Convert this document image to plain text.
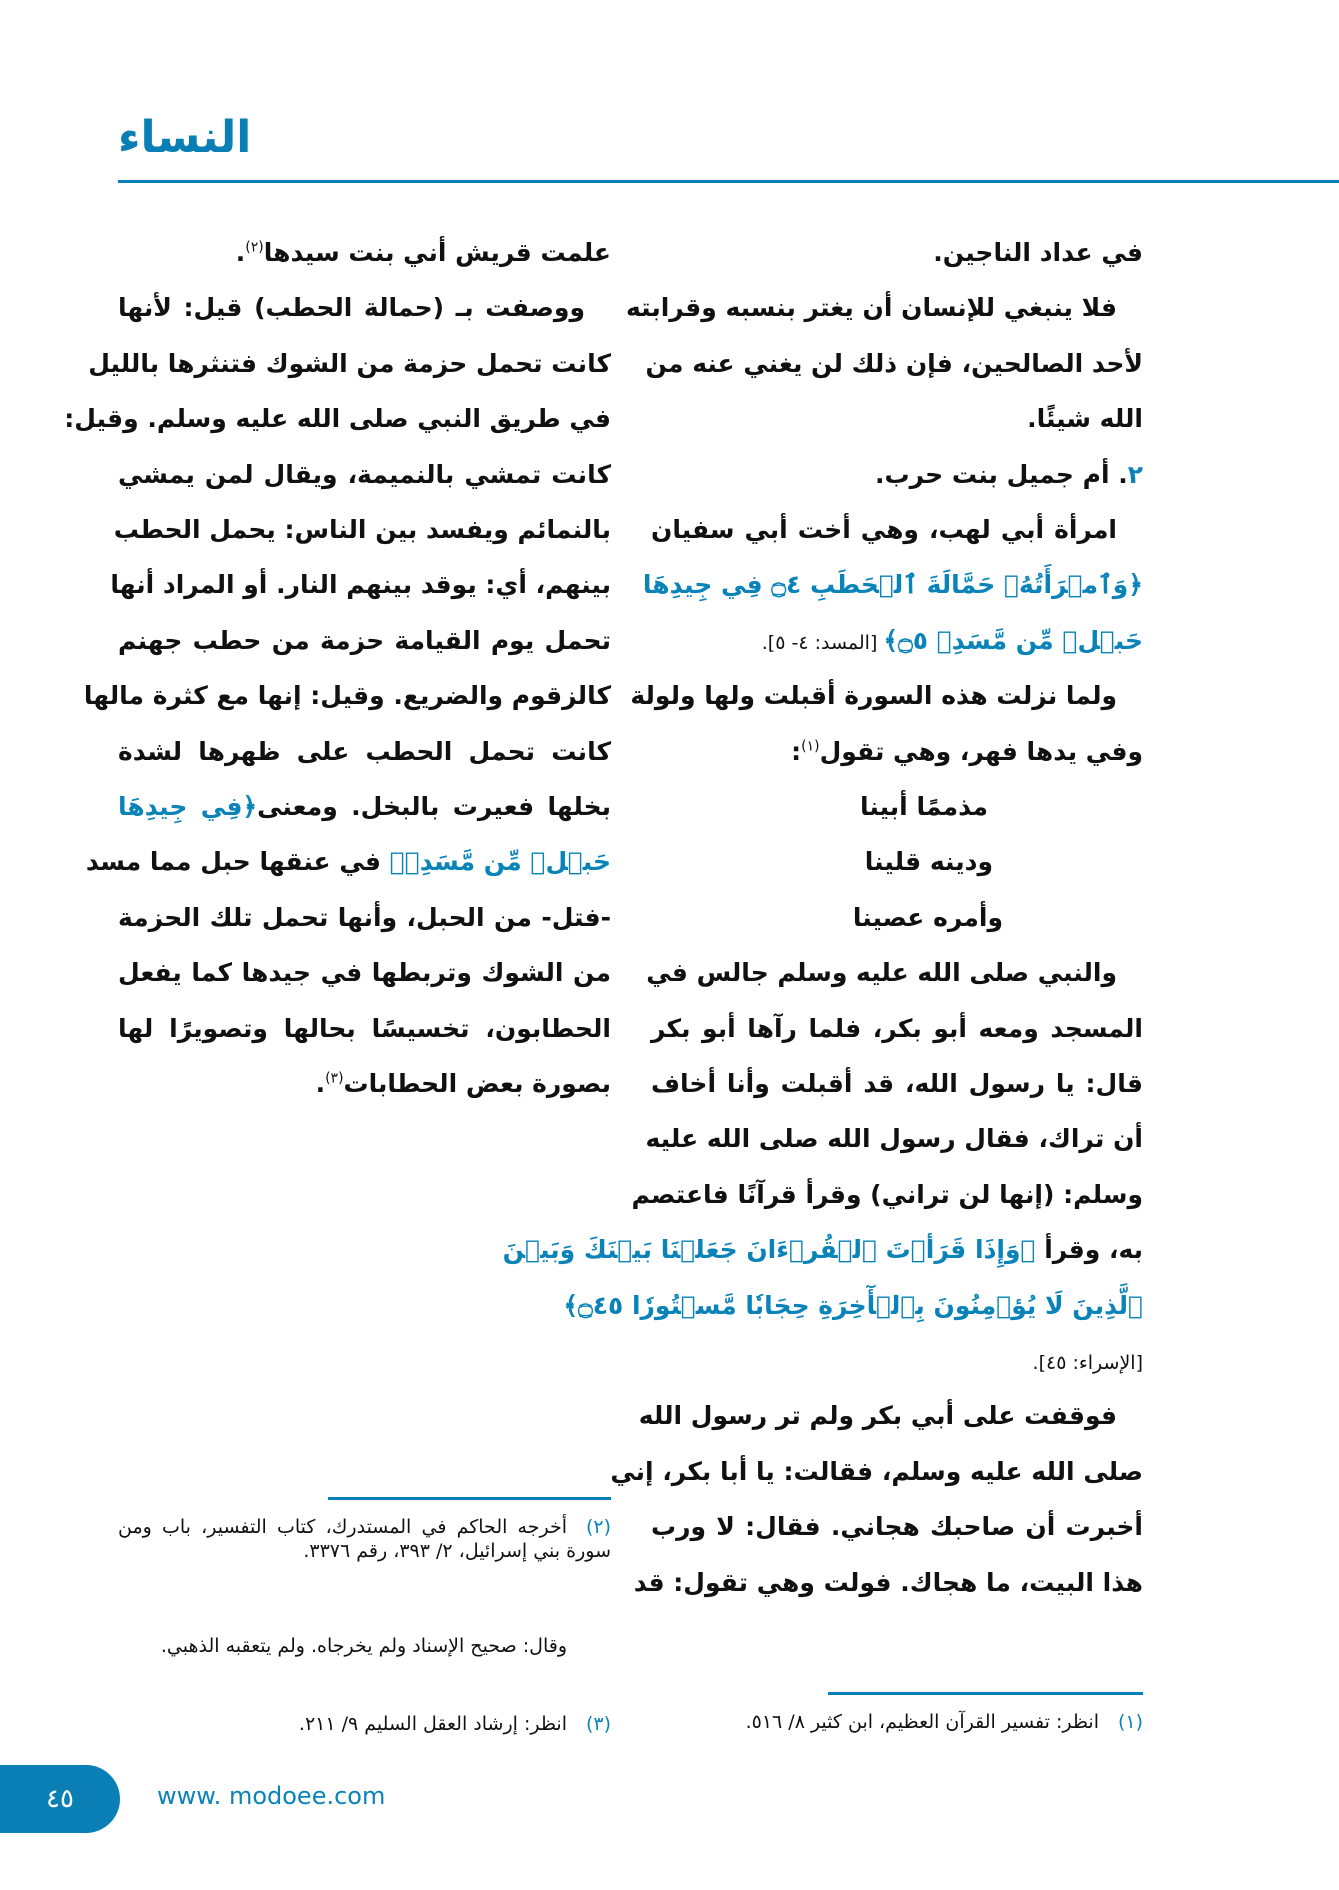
النساء
في عداد الناجين.
فلا ينبغي للإنسان أن يغتر بنسبه وقرابته
لأحد الصالحين، فإن ذلك لن يغني عنه من
الله شيئًا.
٢. أم جميل بنت حرب.
امرأة أبي لهب، وهي أخت أبي سفيان
﴿وَٱمۡرَأَتُهُۥ حَمَّالَةَ ٱلۡحَطَبِ ۝٤ فِي جِيدِهَا
حَبۡلٞ مِّن مَّسَدِۭ ۝٥﴾ [المسد: ٤- ٥].
ولما نزلت هذه السورة أقبلت ولها ولولة
وفي يدها فهر، وهي تقول$^{(١)}$:
مذممًا أبينا
ودينه قلينا
وأمره عصينا
والنبي صلى الله عليه وسلم جالس في
المسجد ومعه أبو بكر، فلما رآها أبو بكر
قال: يا رسول الله، قد أقبلت وأنا أخاف
أن تراك، فقال رسول الله صلى الله عليه
وسلم: (إنها لن تراني) وقرأ قرآنًا فاعتصم
به، وقرأ ﴿وَإِذَا قَرَأۡتَ ٱلۡقُرۡءَانَ جَعَلۡنَا بَيۡنَكَ وَبَيۡنَ
ٱلَّذِينَ لَا يُؤۡمِنُونَ بِٱلۡأٓخِرَةِ حِجَابٗا مَّسۡتُورٗا ۝٤٥﴾
[الإسراء: ٤٥].
فوقفت على أبي بكر ولم تر رسول الله
صلى الله عليه وسلم، فقالت: يا أبا بكر، إني
أخبرت أن صاحبك هجاني. فقال: لا ورب
هذا البيت، ما هجاك. فولت وهي تقول: قد
علمت قريش أني بنت سيدها$^{(٢)}$.
ووصفت بـ (حمالة الحطب) قيل: لأنها
كانت تحمل حزمة من الشوك فتنثرها بالليل
في طريق النبي صلى الله عليه وسلم. وقيل:
كانت تمشي بالنميمة، ويقال لمن يمشي
بالنمائم ويفسد بين الناس: يحمل الحطب
بينهم، أي: يوقد بينهم النار. أو المراد أنها
تحمل يوم القيامة حزمة من حطب جهنم
كالزقوم والضريع. وقيل: إنها مع كثرة مالها
كانت تحمل الحطب على ظهرها لشدة
بخلها فعيرت بالبخل. ومعنى﴿فِي جِيدِهَا
حَبۡلٞ مِّن مَّسَدِۭ﴾ في عنقها حبل مما مسد
-فتل- من الحبل، وأنها تحمل تلك الحزمة
من الشوك وتربطها في جيدها كما يفعل
الحطابون، تخسيسًا بحالها وتصويرًا لها
بصورة بعض الحطابات$^{(٣)}$.
(٢)أخرجه الحاكم في المستدرك، كتاب التفسير، باب ومن سورة بني إسرائيل، ٢/ ٣٩٣، رقم ٣٣٧٦.
وقال: صحيح الإسناد ولم يخرجاه. ولم يتعقبه الذهبي.
(٣)انظر: إرشاد العقل السليم ٩/ ٢١١.	(١)انظر: تفسير القرآن العظيم، ابن كثير ٨/ ٥١٦.
٤٥	www. modoee.com
